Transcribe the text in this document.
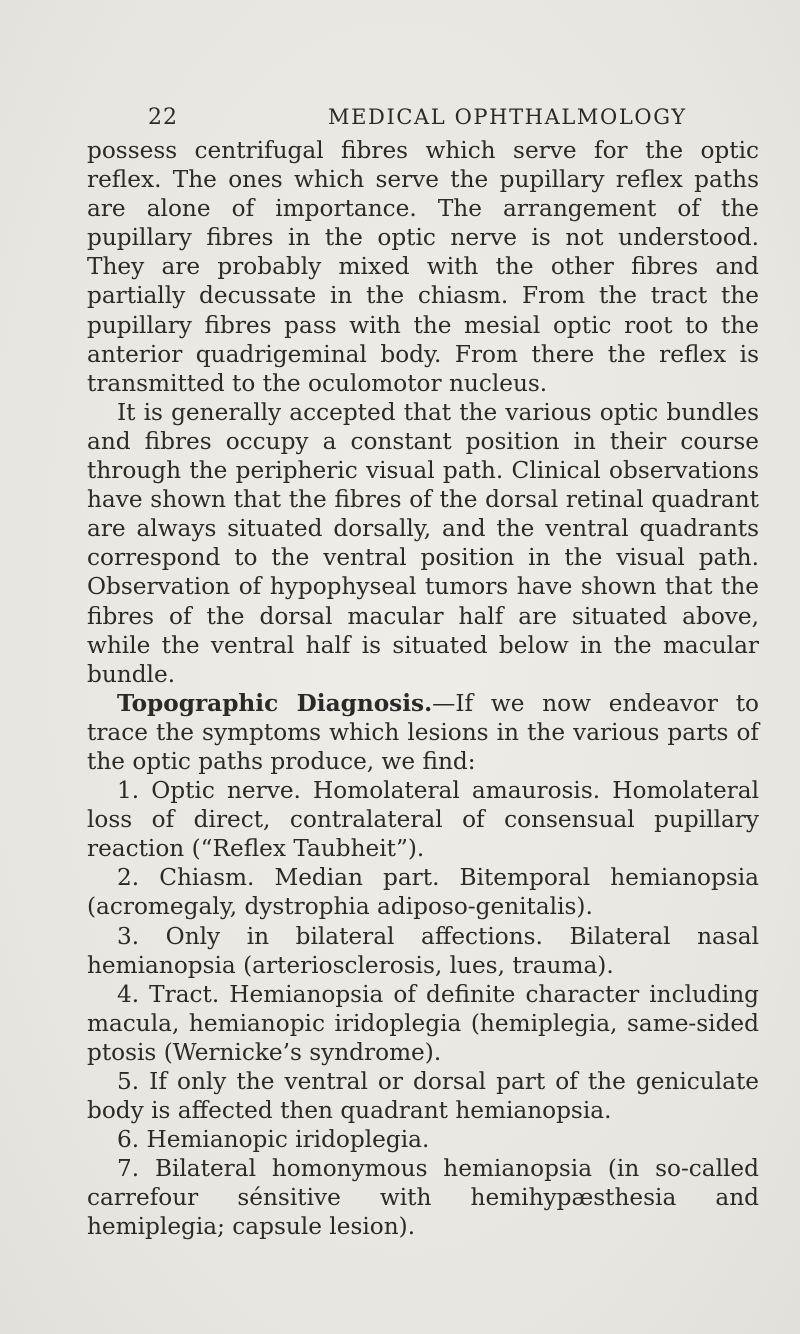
22	MEDICAL OPHTHALMOLOGY

possess centrifugal fibres which serve for the optic reflex. The ones which serve the pupillary reflex paths are alone of importance. The arrangement of the pupillary fibres in the optic nerve is not understood. They are probably mixed with the other fibres and partially decussate in the chiasm. From the tract the pupillary fibres pass with the mesial optic root to the anterior quadrigeminal body. From there the reflex is transmitted to the oculomotor nucleus.

It is generally accepted that the various optic bundles and fibres occupy a constant position in their course through the peripheric visual path. Clinical observations have shown that the fibres of the dorsal retinal quadrant are always situated dorsally, and the ventral quadrants correspond to the ventral position in the visual path. Observation of hypophyseal tumors have shown that the fibres of the dorsal macular half are situated above, while the ventral half is situated below in the macular bundle.

Topographic Diagnosis.—If we now endeavor to trace the symptoms which lesions in the various parts of the optic paths produce, we find:

1. Optic nerve. Homolateral amaurosis. Homolateral loss of direct, contralateral of consensual pupillary reaction (“Reflex Taubheit”).

2. Chiasm. Median part. Bitemporal hemianopsia (acromegaly, dystrophia adiposo-genitalis).

3. Only in bilateral affections. Bilateral nasal hemianopsia (arteriosclerosis, lues, trauma).

4. Tract. Hemianopsia of definite character including macula, hemianopic iridoplegia (hemiplegia, same-sided ptosis (Wernicke’s syndrome).

5. If only the ventral or dorsal part of the geniculate body is affected then quadrant hemianopsia.

6. Hemianopic iridoplegia.

7. Bilateral homonymous hemianopsia (in so-called carrefour sénsitive with hemihypæsthesia and hemiplegia; capsule lesion).
